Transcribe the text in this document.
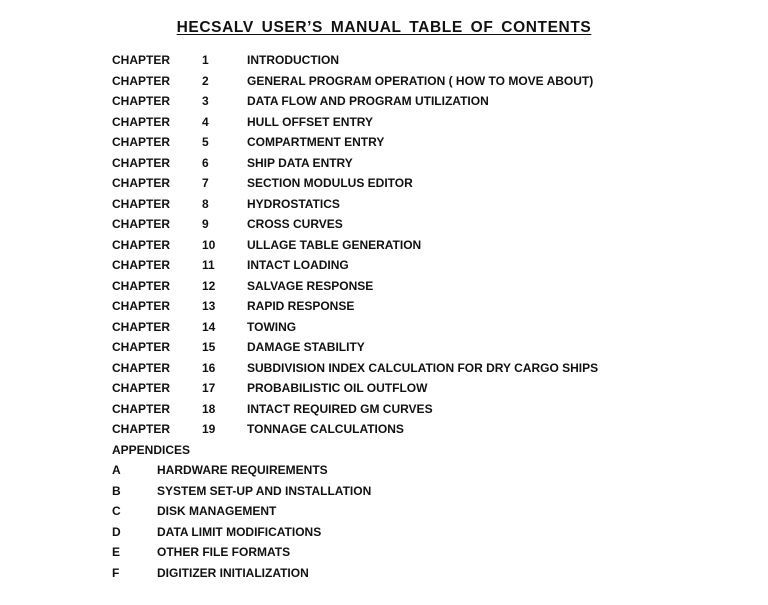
HECSALV USER’S MANUAL TABLE OF CONTENTS
CHAPTER	1	INTRODUCTION
CHAPTER	2	GENERAL PROGRAM OPERATION ( HOW TO MOVE ABOUT)
CHAPTER	3	DATA FLOW AND PROGRAM UTILIZATION
CHAPTER	4	HULL OFFSET ENTRY
CHAPTER	5	COMPARTMENT ENTRY
CHAPTER	6	SHIP DATA ENTRY
CHAPTER	7	SECTION MODULUS EDITOR
CHAPTER	8	HYDROSTATICS
CHAPTER	9	CROSS CURVES
CHAPTER	10	ULLAGE TABLE GENERATION
CHAPTER	11	INTACT LOADING
CHAPTER	12	SALVAGE RESPONSE
CHAPTER	13	RAPID RESPONSE
CHAPTER	14	TOWING
CHAPTER	15	DAMAGE STABILITY
CHAPTER	16	SUBDIVISION INDEX CALCULATION FOR DRY CARGO SHIPS
CHAPTER	17	PROBABILISTIC OIL OUTFLOW
CHAPTER	18	INTACT REQUIRED GM CURVES
CHAPTER	19	TONNAGE CALCULATIONS
APPENDICES
A	HARDWARE REQUIREMENTS
B	SYSTEM SET-UP AND INSTALLATION
C	DISK MANAGEMENT
D	DATA LIMIT MODIFICATIONS
E	OTHER FILE FORMATS
F	DIGITIZER INITIALIZATION
